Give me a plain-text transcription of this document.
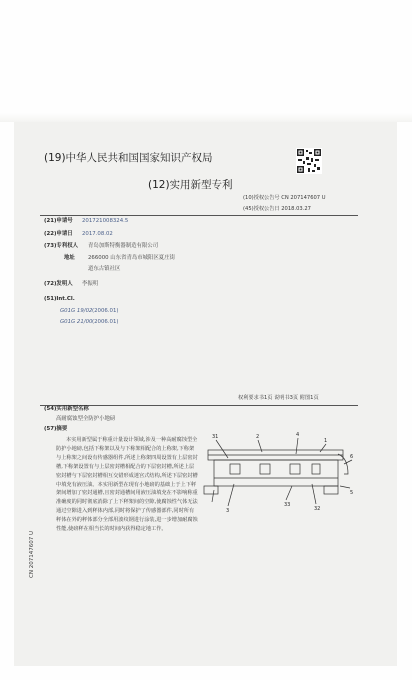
(19)中华人民共和国国家知识产权局
(12)实用新型专利
(10)授权公告号 CN 207147607 U
(45)授权公告日 2018.03.27
(21)申请号 201721008324.5
(22)申请日 2017.08.02
(73)专利权人 青岛加斯特衡器制造有限公司
地址 266000 山东省青岛市城阳区夏庄街
道东古镇社区
(72)发明人 李振明
(51)Int.Cl.
G01G 19/02 (2006.01)
G01G 21/00 (2006.01)
权利要求书1页 说明书3页 附图1页
(54)实用新型名称
高耐腐蚀型全防护小地磅
(57)摘要
本实用新型属于称重计量设计领域,涉及一种高耐腐蚀型全防护小地磅,包括下称架以及与下称架相配合的上称架,下称架与上称架之间设有传感器组件,所述上称架四周设置有上层密封槽,下称架设置有与上层密封槽相配合的下层密封槽,所述上层密封槽与下层密封槽相互交错形成迷宫式结构,所述下层密封槽中填充有液压油。本实用新型在现有小地磅的基础上于上下秤架间增加了密封通槽,且密封通槽间用液压油填充在不影响称重准确度的同时彻底消除了上下秤架间的空隙,使腐蚀性气体无法通过空隙进入到秤体内部,同时将保护了传感器部件,同时所有秤体在外的秤体部分全部用波纹钢进行涂装,进一步增加耐腐蚀性能,使磅秤在相当长的时间内获得稳定地工作。
31	2	4
1
6
5
3
33
32
CN 207147607 U
